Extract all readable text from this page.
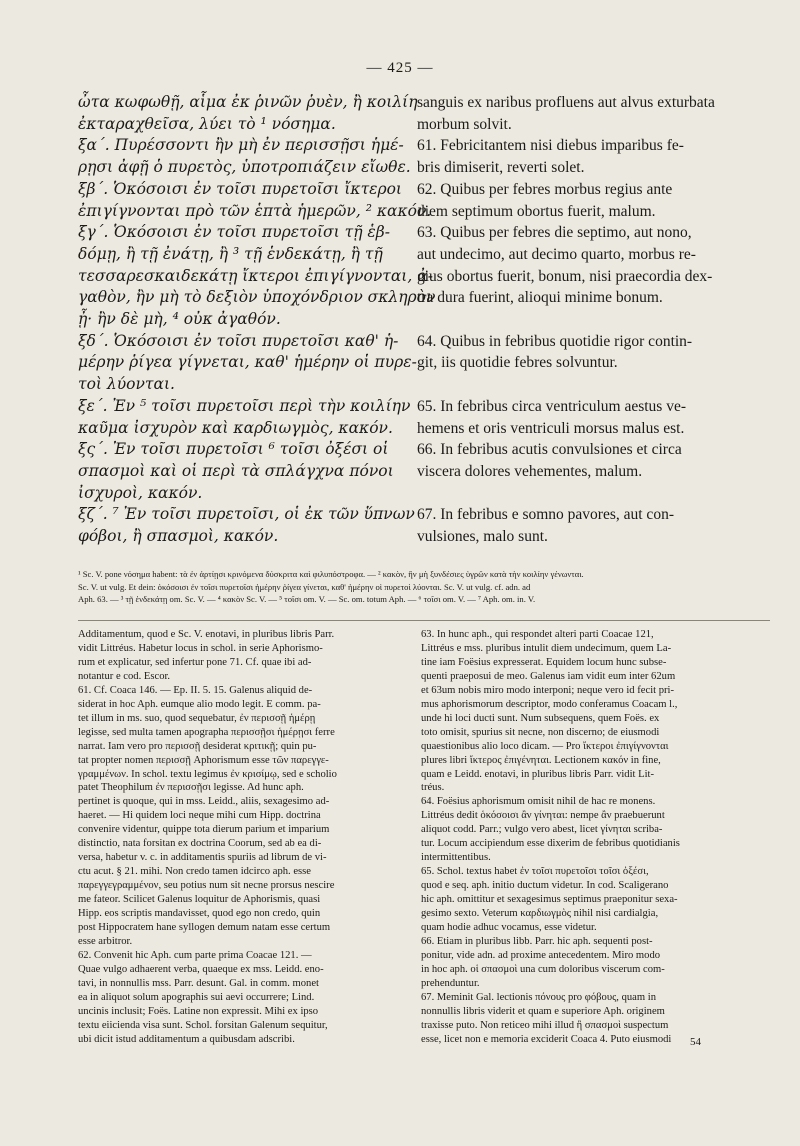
— 425 —
ὦτα κωφωθῇ, αἷμα ἐκ ῥινῶν ῥυὲν, ἢ κοιλίη
ἐκταραχθεῖσα, λύει τὸ ¹ νόσημα.
ξα΄. Πυρέσσοντι ἢν μὴ ἐν περισσῇσι ἡμέ-
ρῃσι ἀφῇ ὁ πυρετὸς, ὑποτροπιάζειν εἴωθε.
ξβ΄. Ὁκόσοισι ἐν τοῖσι πυρετοῖσι ἴκτεροι
ἐπιγίγνονται πρὸ τῶν ἑπτὰ ἡμερῶν, ² κακόν.
ξγ΄. Ὁκόσοισι ἐν τοῖσι πυρετοῖσι τῇ ἑβ-
δόμῃ, ἢ τῇ ἐνάτῃ, ἢ ³ τῇ ἑνδεκάτῃ, ἢ τῇ
τεσσαρεσκαιδεκάτῃ ἴκτεροι ἐπιγίγνονται, ἀ-
γαθὸν, ἢν μὴ τὸ δεξιὸν ὑποχόνδριον σκληρὸν
ᾖ· ἢν δὲ μὴ, ⁴ οὐκ ἀγαθόν.
ξδ΄. Ὁκόσοισι ἐν τοῖσι πυρετοῖσι καθ' ἡ-
μέρην ῥίγεα γίγνεται, καθ' ἡμέρην οἱ πυρε-
τοὶ λύονται.
ξε΄. Ἐν ⁵ τοῖσι πυρετοῖσι περὶ τὴν κοιλίην
καῦμα ἰσχυρὸν καὶ καρδιωγμὸς, κακόν.
ξς΄. Ἐν τοῖσι πυρετοῖσι ⁶ τοῖσι ὀξέσι οἱ
σπασμοὶ καὶ οἱ περὶ τὰ σπλάγχνα πόνοι
ἰσχυροὶ, κακόν.
ξζ΄. ⁷ Ἐν τοῖσι πυρετοῖσι, οἱ ἐκ τῶν ὕπνων
φόβοι, ἢ σπασμοὶ, κακόν.
sanguis ex naribus profluens aut alvus exturbata
morbum solvit.
61. Febricitantem nisi diebus imparibus fe-
bris dimiserit, reverti solet.
62. Quibus per febres morbus regius ante
diem septimum obortus fuerit, malum.
63. Quibus per febres die septimo, aut nono,
aut undecimo, aut decimo quarto, morbus re-
gius obortus fuerit, bonum, nisi praecordia dex-
tra dura fuerint, alioqui minime bonum.

64. Quibus in febribus quotidie rigor contin-
git, iis quotidie febres solvuntur.

65. In febribus circa ventriculum aestus ve-
hemens et oris ventriculi morsus malus est.
66. In febribus acutis convulsiones et circa
viscera dolores vehementes, malum.

67. In febribus e somno pavores, aut con-
vulsiones, malo sunt.
¹ Sc. V. pone νόσημα habent: τὰ ἐν ἀρτίῃσι κρινόμενα δύσκριτα καὶ φιλυπόστροφα. — ² κακὸν, ἢν μὴ ξυνδέσιες ὑγρῶν κατὰ τὴν κοιλίην γένωνται.
Sc. V. ut vulg. Et dein: ὁκόσοισι ἐν τοῖσι πυρετοῖσι ἡμέρην ῥίγεα γίνεται, καθ' ἡμέρην οἱ πυρετοὶ λύονται. Sc. V. ut vulg. cf. adn. ad
Aph. 63. — ³ τῇ ἑνδεκάτῃ om. Sc. V. — ⁴ κακὸν Sc. V. — ⁵ τοῖσι om. V. — Sc. om. totum Aph. — ⁶ τοῖσι om. V. — ⁷ Aph. om. in. V.
Additamentum, quod e Sc. V. enotavi, in pluribus libris Parr.
vidit Littréus. Habetur locus in schol. in serie Aphorismo-
rum et explicatur, sed infertur pone 71. Cf. quae ibi ad-
notantur e cod. Escor.
61. Cf. Coaca 146. — Ep. II. 5. 15. Galenus aliquid de-
siderat in hoc Aph. eumque alio modo legit. E comm. pa-
tet illum in ms. suo, quod sequebatur, ἐν περισσῇ ἡμέρῃ
legisse, sed multa tamen apographa περισσῇσι ἡμέρῃσι ferre
narrat. Iam vero pro περισσῇ desiderat κριτικῇ; quin pu-
tat propter nomen περισσῇ Aphorismum esse τῶν παρεγγε-
γραμμένων. In schol. textu legimus ἐν κρισίμῳ, sed e scholio
patet Theophilum ἐν περισσῇσι legisse. Ad hunc aph.
pertinet is quoque, qui in mss. Leidd., aliis, sexagesimo ad-
haeret. — Hi quidem loci neque mihi cum Hipp. doctrina
convenire videntur, quippe tota dierum parium et imparium
distinctio, nata forsitan ex doctrina Coorum, sed ab ea di-
versa, habetur v. c. in additamentis spuriis ad librum de vi-
ctu acut. § 21. mihi. Non credo tamen idcirco aph. esse
παρεγγεγραμμένον, seu potius num sit necne prorsus nescire
me fateor. Scilicet Galenus loquitur de Aphorismis, quasi
Hipp. eos scriptis mandavisset, quod ego non credo, quin
post Hippocratem hane syllogen demum natam esse certum
esse arbitror.
62. Convenit hic Aph. cum parte prima Coacae 121. —
Quae vulgo adhaerent verba, quaeque ex mss. Leidd. eno-
tavi, in nonnullis mss. Parr. desunt. Gal. in comm. monet
ea in aliquot solum apographis sui aevi occurrere; Lind.
uncinis inclusit; Foës. Latine non expressit. Mihi ex ipso
textu eiicienda visa sunt. Schol. forsitan Galenum sequitur,
ubi dicit istud additamentum a quibusdam adscribi.
63. In hunc aph., qui respondet alteri parti Coacae 121,
Littréus e mss. pluribus intulit diem undecimum, quem La-
tine iam Foësius expresserat. Equidem locum hunc subse-
quenti praeposui de meo. Galenus iam vidit eum inter 62um
et 63um nobis miro modo interponi; neque vero id fecit pri-
mus aphorismorum descriptor, modo conferamus Coacam l.,
unde hi loci ducti sunt. Num subsequens, quem Foës. ex
toto omisit, spurius sit necne, non discerno; de eiusmodi
quaestionibus alio loco dicam. — Pro ἴκτεροι ἐπιγίγνονται
plures libri ἴκτερος ἐπιγένηται. Lectionem κακόν in fine,
quam e Leidd. enotavi, in pluribus libris Parr. vidit Lit-
tréus.
64. Foësius aphorismum omisit nihil de hac re monens.
Littréus dedit ὁκόσοισι ἂν γίνηται: nempe ἂν praebuerunt
aliquot codd. Parr.; vulgo vero abest, licet γίνηται scriba-
tur. Locum accipiendum esse dixerim de febribus quotidianis
intermittentibus.
65. Schol. textus habet ἐν τοῖσι πυρετοῖσι τοῖσι ὀξέσι,
quod e seq. aph. initio ductum videtur. In cod. Scaligerano
hic aph. omittitur et sexagesimus septimus praeponitur sexa-
gesimo sexto. Veterum καρδιωγμὸς nihil nisi cardialgia,
quam hodie adhuc vocamus, esse videtur.
66. Etiam in pluribus libb. Parr. hic aph. sequenti post-
ponitur, vide adn. ad proxime antecedentem. Miro modo
in hoc aph. οἱ σπασμοὶ una cum doloribus viscerum com-
prehenduntur.
67. Meminit Gal. lectionis πόνους pro φόβους, quam in
nonnullis libris viderit et quam e superiore Aph. originem
traxisse puto. Non reticeo mihi illud ἢ σπασμοὶ suspectum
esse, licet non e memoria exciderit Coaca 4. Puto eiusmodi	54
